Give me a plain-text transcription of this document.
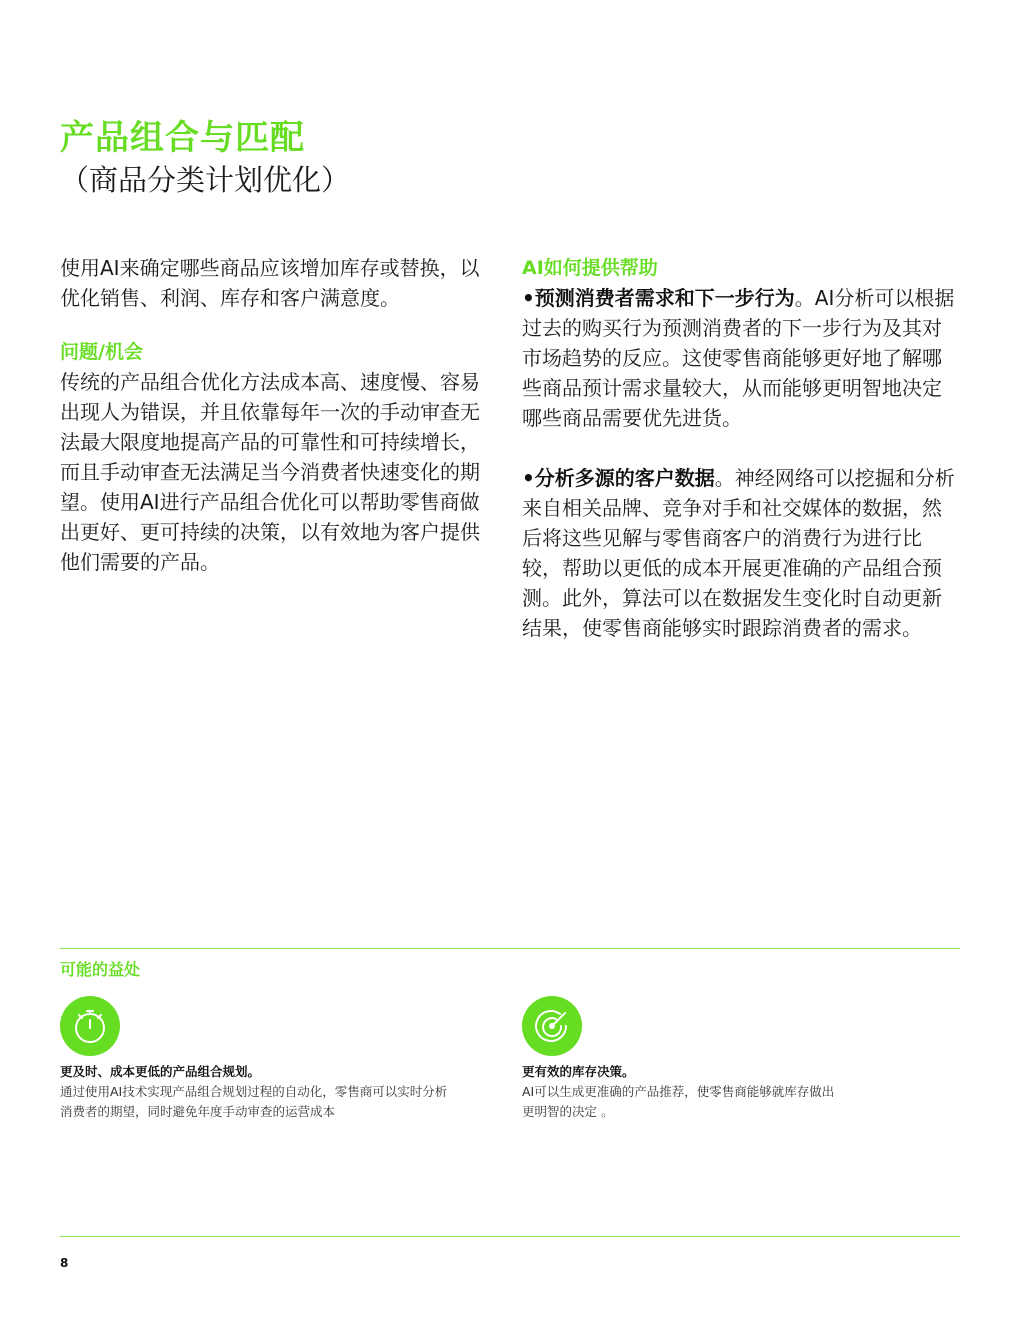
产品组合与匹配
（商品分类计划优化）

使用AI来确定哪些商品应该增加库存或替换，以优化销售、利润、库存和客户满意度。

问题/机会

传统的产品组合优化方法成本高、速度慢、容易出现人为错误，并且依靠每年一次的手动审查无法最大限度地提高产品的可靠性和可持续增长，而且手动审查无法满足当今消费者快速变化的期望。使用AI进行产品组合优化可以帮助零售商做出更好、更可持续的决策，以有效地为客户提供他们需要的产品。

AI如何提供帮助

•预测消费者需求和下一步行为。AI分析可以根据过去的购买行为预测消费者的下一步行为及其对市场趋势的反应。这使零售商能够更好地了解哪些商品预计需求量较大，从而能够更明智地决定哪些商品需要优先进货。

•分析多源的客户数据。神经网络可以挖掘和分析来自相关品牌、竞争对手和社交媒体的数据，然后将这些见解与零售商客户的消费行为进行比较，帮助以更低的成本开展更准确的产品组合预测。此外，算法可以在数据发生变化时自动更新结果，使零售商能够实时跟踪消费者的需求。

可能的益处
更及时、成本更低的产品组合规划。
通过使用AI技术实现产品组合规划过程的自动化，零售商可以实时分析
消费者的期望，同时避免年度手动审查的运营成本
更有效的库存决策。
AI可以生成更准确的产品推荐，使零售商能够就库存做出
更明智的决定 。
8
